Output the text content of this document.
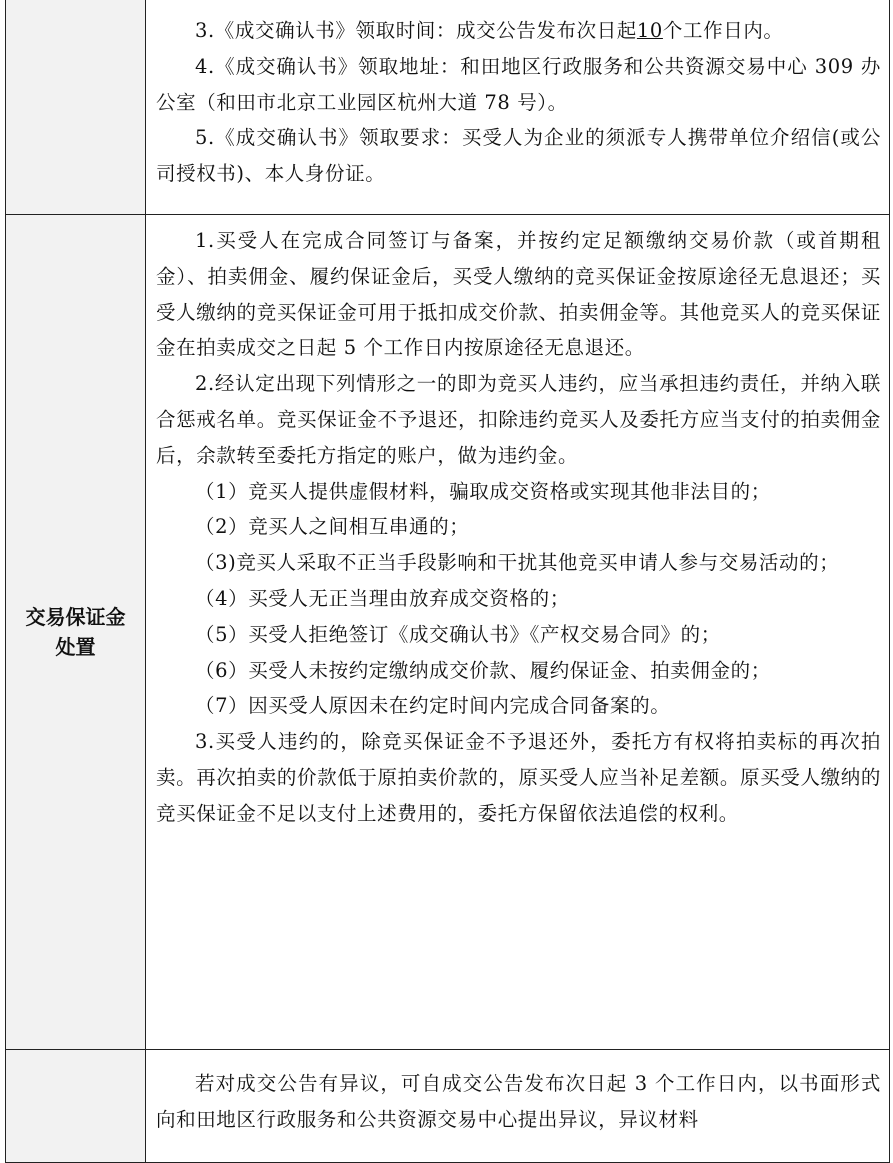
3.《成交确认书》领取时间：成交公告发布次日起10个工作日内。

4.《成交确认书》领取地址：和田地区行政服务和公共资源交易中心 309 办公室（和田市北京工业园区杭州大道 78 号）。

5.《成交确认书》领取要求：买受人为企业的须派专人携带单位介绍信(或公司授权书)、本人身份证。

交易保证金
处置

1.买受人在完成合同签订与备案，并按约定足额缴纳交易价款（或首期租金）、拍卖佣金、履约保证金后，买受人缴纳的竞买保证金按原途径无息退还；买受人缴纳的竞买保证金可用于抵扣成交价款、拍卖佣金等。其他竞买人的竞买保证金在拍卖成交之日起 5 个工作日内按原途径无息退还。

2.经认定出现下列情形之一的即为竞买人违约，应当承担违约责任，并纳入联合惩戒名单。竞买保证金不予退还，扣除违约竞买人及委托方应当支付的拍卖佣金后，余款转至委托方指定的账户，做为违约金。

（1）竞买人提供虚假材料，骗取成交资格或实现其他非法目的；

（2）竞买人之间相互串通的；

（3)竞买人采取不正当手段影响和干扰其他竞买申请人参与交易活动的；

（4）买受人无正当理由放弃成交资格的；

（5）买受人拒绝签订《成交确认书》《产权交易合同》的；

（6）买受人未按约定缴纳成交价款、履约保证金、拍卖佣金的；

（7）因买受人原因未在约定时间内完成合同备案的。

3.买受人违约的，除竞买保证金不予退还外，委托方有权将拍卖标的再次拍卖。再次拍卖的价款低于原拍卖价款的，原买受人应当补足差额。原买受人缴纳的竞买保证金不足以支付上述费用的，委托方保留依法追偿的权利。

若对成交公告有异议，可自成交公告发布次日起 3 个工作日内，以书面形式向和田地区行政服务和公共资源交易中心提出异议，异议材料
